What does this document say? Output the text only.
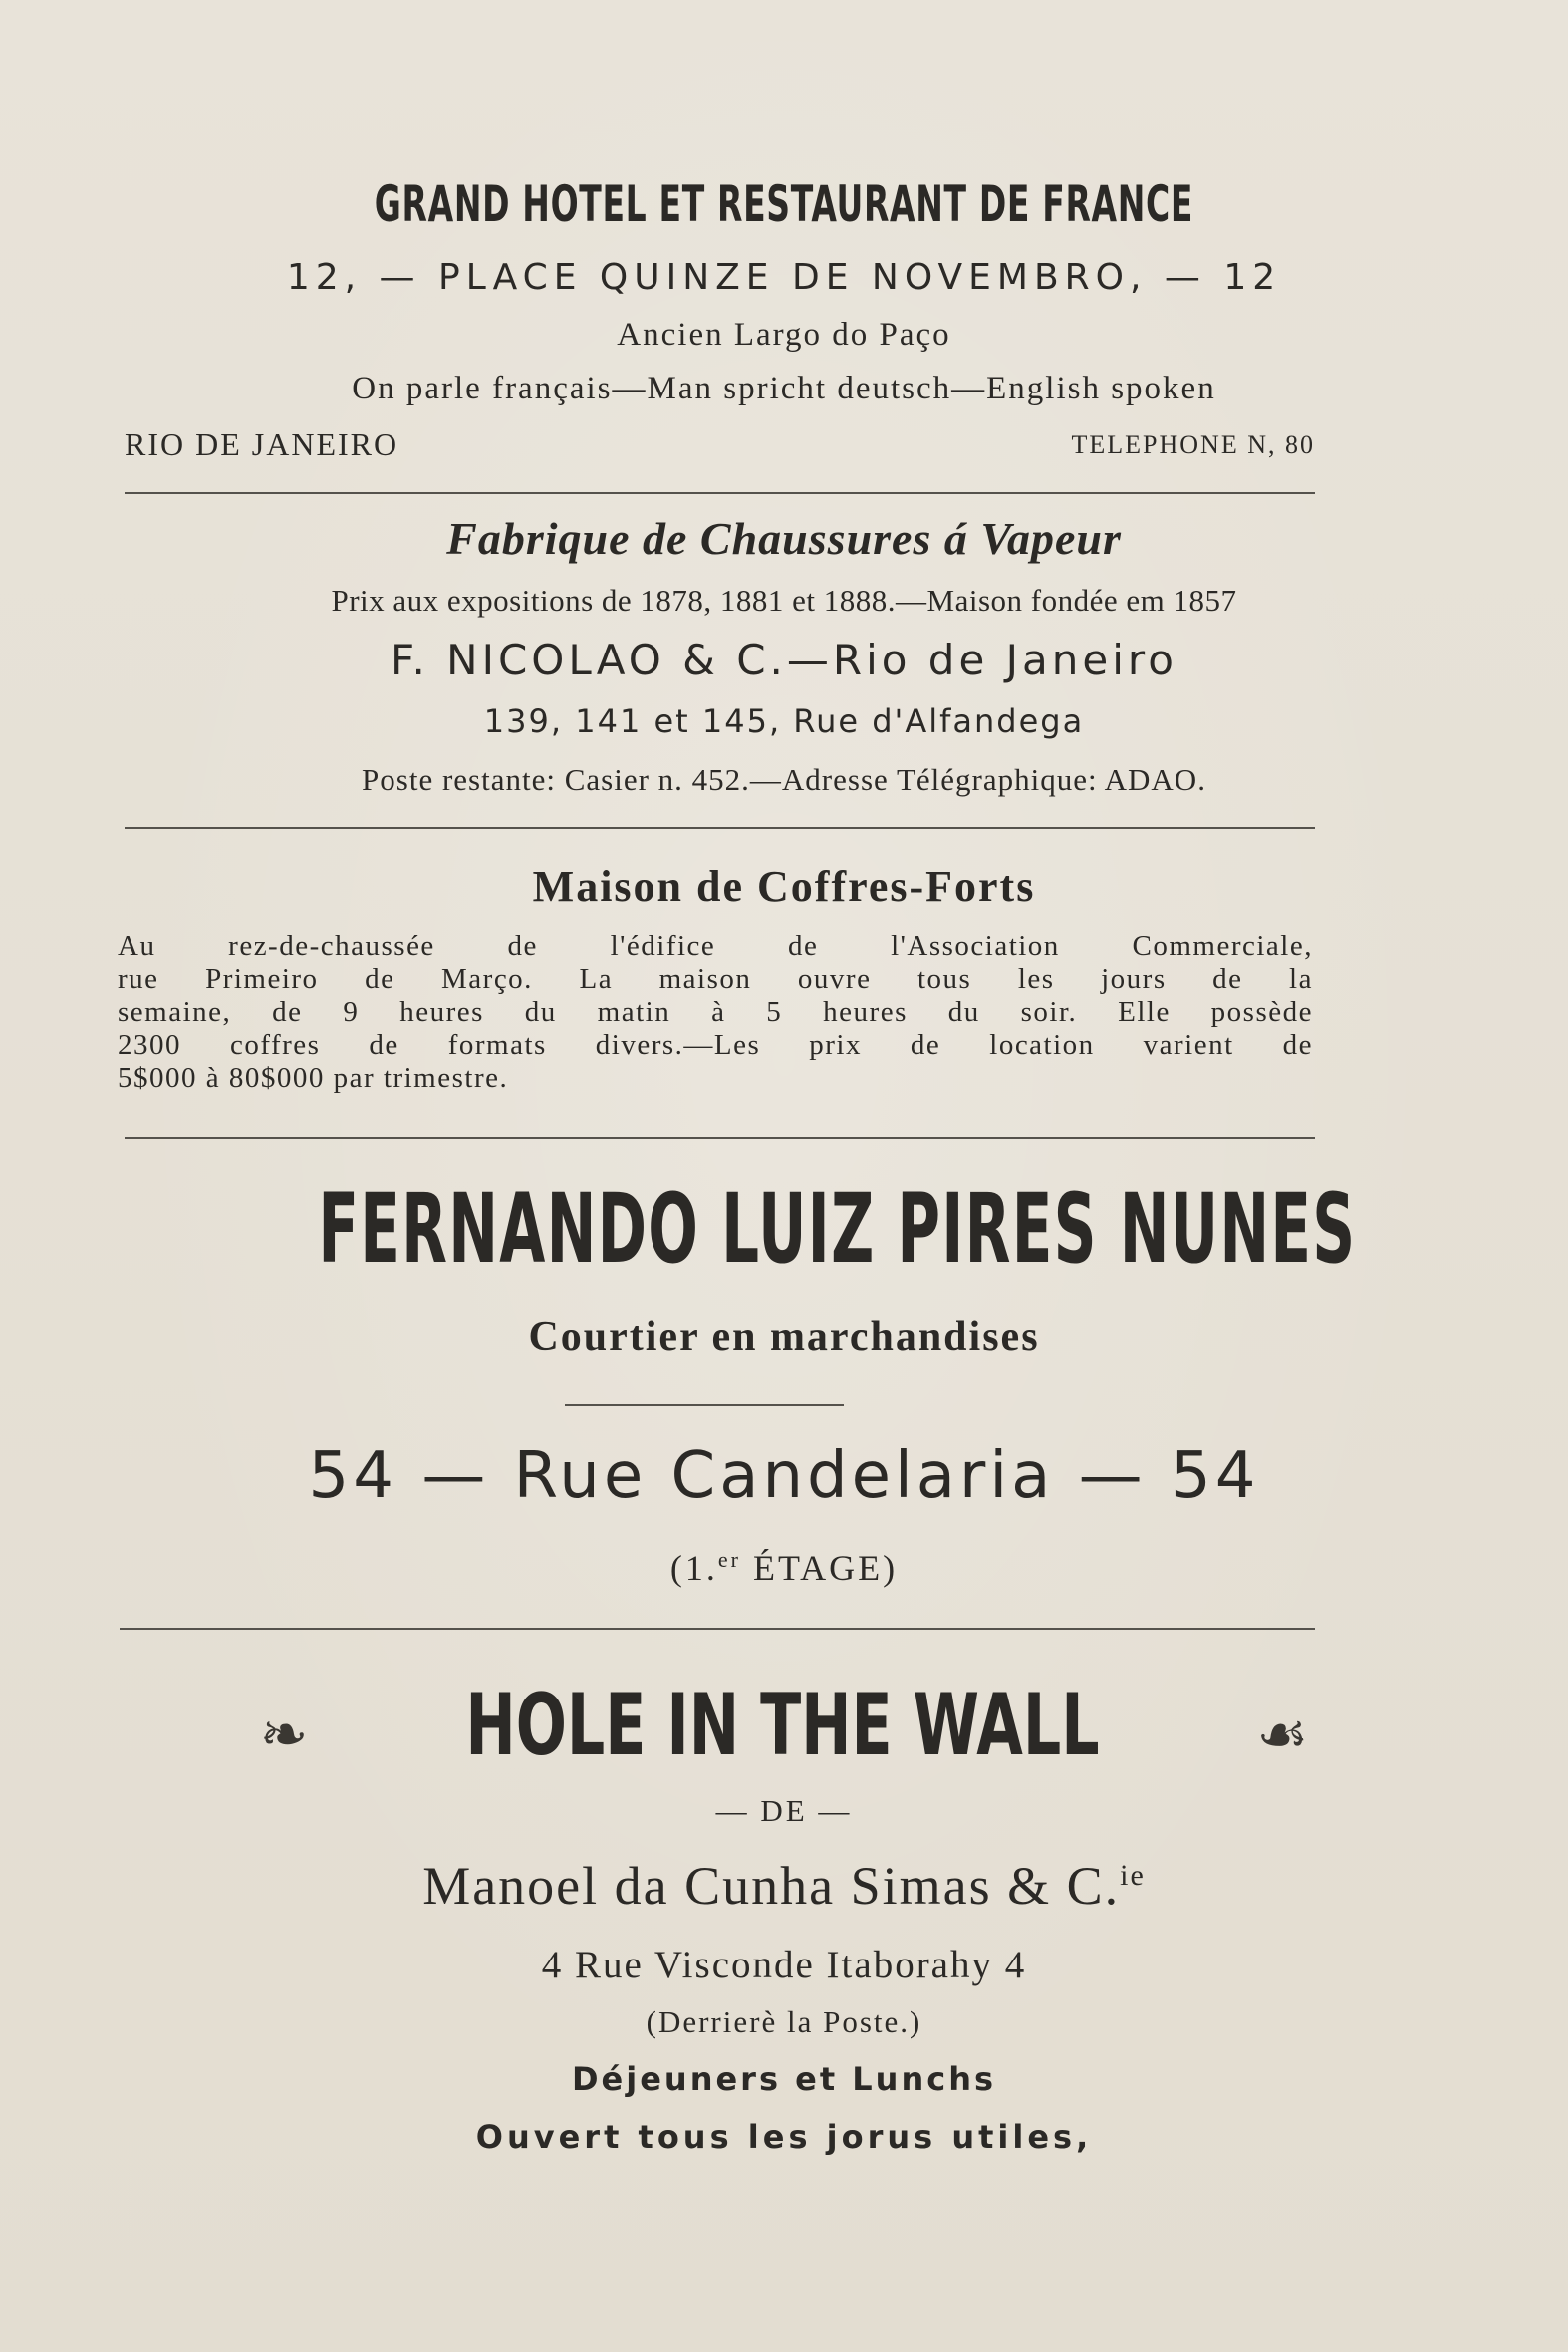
GRAND HOTEL ET RESTAURANT DE FRANCE
12, — PLACE QUINZE DE NOVEMBRO, — 12
Ancien Largo do Paço
On parle français—Man spricht deutsch—English spoken
RIO DE JANEIRO	TELEPHONE N, 80
Fabrique de Chaussures á Vapeur
Prix aux expositions de 1878, 1881 et 1888.—Maison fondée em 1857
F. NICOLAO & C.—Rio de Janeiro
139, 141 et 145, Rue d'Alfandega
Poste restante: Casier n. 452.—Adresse Télégraphique: ADAO.
Maison de Coffres-Forts
Au rez-de-chaussée de l'édifice de l'Association Commerciale,
rue Primeiro de Março. La maison ouvre tous les jours de la
semaine, de 9 heures du matin à 5 heures du soir. Elle possède
2300 coffres de formats divers.—Les prix de location varient de
5$000 à 80$000 par trimestre.
FERNANDO LUIZ PIRES NUNES
Courtier en marchandises
54 — Rue Candelaria — 54
(1.$^{er}$ ÉTAGE)
❧ HOLE IN THE WALL	☙
— DE —
Manoel da Cunha Simas & C.$^{ie}$
4 Rue Visconde Itaborahy 4
(Derrierè la Poste.)
Déjeuners et Lunchs
Ouvert tous les jorus utiles,
